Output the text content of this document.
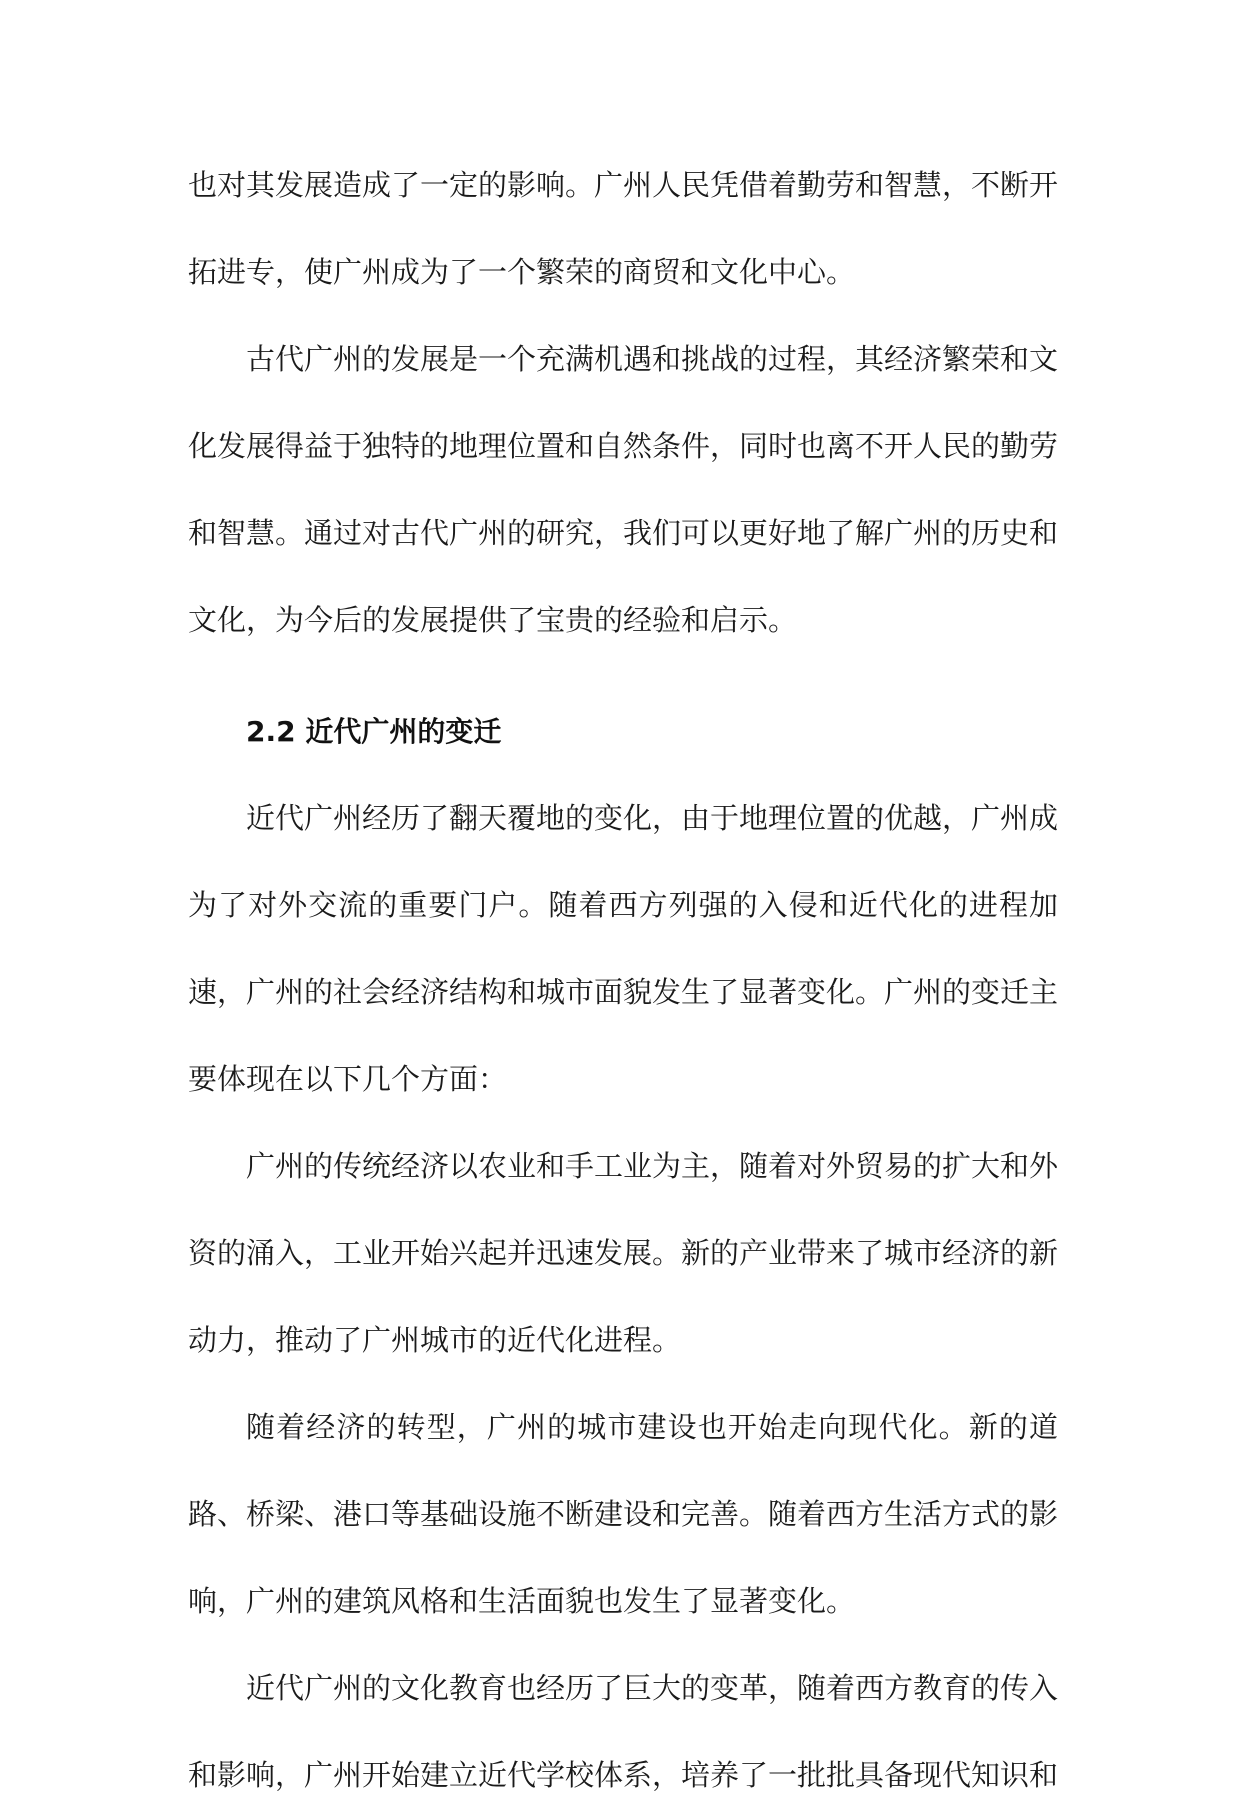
也对其发展造成了一定的影响。广州人民凭借着勤劳和智慧，不断开拓进专，使广州成为了一个繁荣的商贸和文化中心。

古代广州的发展是一个充满机遇和挑战的过程，其经济繁荣和文化发展得益于独特的地理位置和自然条件，同时也离不开人民的勤劳和智慧。通过对古代广州的研究，我们可以更好地了解广州的历史和文化，为今后的发展提供了宝贵的经验和启示。

2.2 近代广州的变迁

近代广州经历了翻天覆地的变化，由于地理位置的优越，广州成为了对外交流的重要门户。随着西方列强的入侵和近代化的进程加速，广州的社会经济结构和城市面貌发生了显著变化。广州的变迁主要体现在以下几个方面：

广州的传统经济以农业和手工业为主，随着对外贸易的扩大和外资的涌入，工业开始兴起并迅速发展。新的产业带来了城市经济的新动力，推动了广州城市的近代化进程。

随着经济的转型，广州的城市建设也开始走向现代化。新的道路、桥梁、港口等基础设施不断建设和完善。随着西方生活方式的影响，广州的建筑风格和生活面貌也发生了显著变化。

近代广州的文化教育也经历了巨大的变革，随着西方教育的传入和影响，广州开始建立近代学校体系，培养了一批批具备现代知识和
